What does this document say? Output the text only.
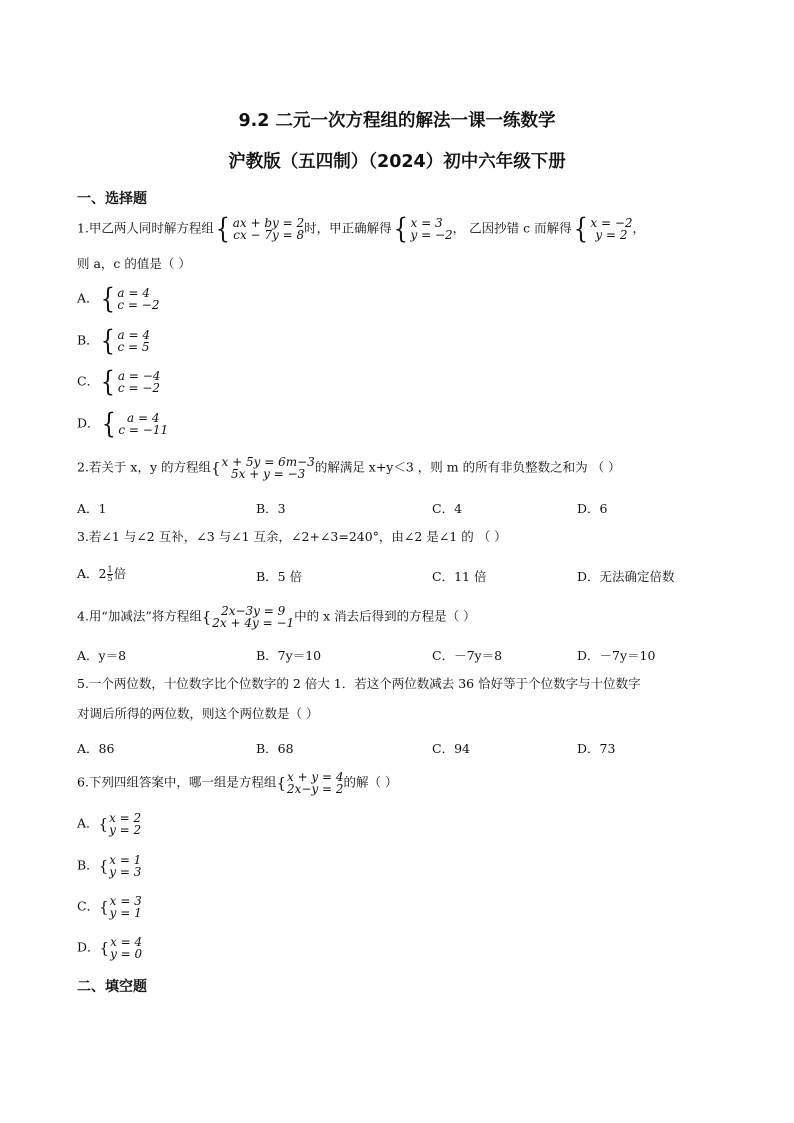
9.2 二元一次方程组的解法一课一练数学
沪教版（五四制）（2024）初中六年级下册
一、选择题
1.甲乙两人同时解方程组 { ax + by = 2
cx − 7y = 8 时，甲正确解得 { x = 3
y = −2 ， 乙因抄错 c 而解得 { x = −2
y = 2 ，
则 a，c 的值是（ ）
A． { a = 4
c = −2
B． { a = 4
c = 5
C． { a = −4
c = −2
D． { a = 4
c = −11
2.若关于 x，y 的方程组 { x + 5y = 6m−3
5x + y = −3 的解满足 x+y＜3 ，则 m 的所有非负整数之和为 （ ）
A．1	B．3	C．4	D．6
3.若∠1 与∠2 互补，∠3 与∠1 互余，∠2+∠3=240°，由∠2 是∠1 的 （ ）
A．$2 \frac{1}{5}$ 倍	B．5 倍	C．11 倍	D．无法确定倍数
4.用“加减法”将方程组 { 2x−3y = 9
2x + 4y = −1 中的 x 消去后得到的方程是（ ）
A．y＝8	B．7y＝10	C．－7y＝8	D．－7y＝10
5.一个两位数，十位数字比个位数字的 2 倍大 1．若这个两位数减去 36 恰好等于个位数字与十位数字
对调后所得的两位数，则这个两位数是（ ）
A．86	B．68	C．94	D．73
6.下列四组答案中，哪一组是方程组 { x + y = 4
2x−y = 2 的解（ ）
A． { x = 2
y = 2
B． { x = 1
y = 3
C． { x = 3
y = 1
D． { x = 4
y = 0
二、填空题
